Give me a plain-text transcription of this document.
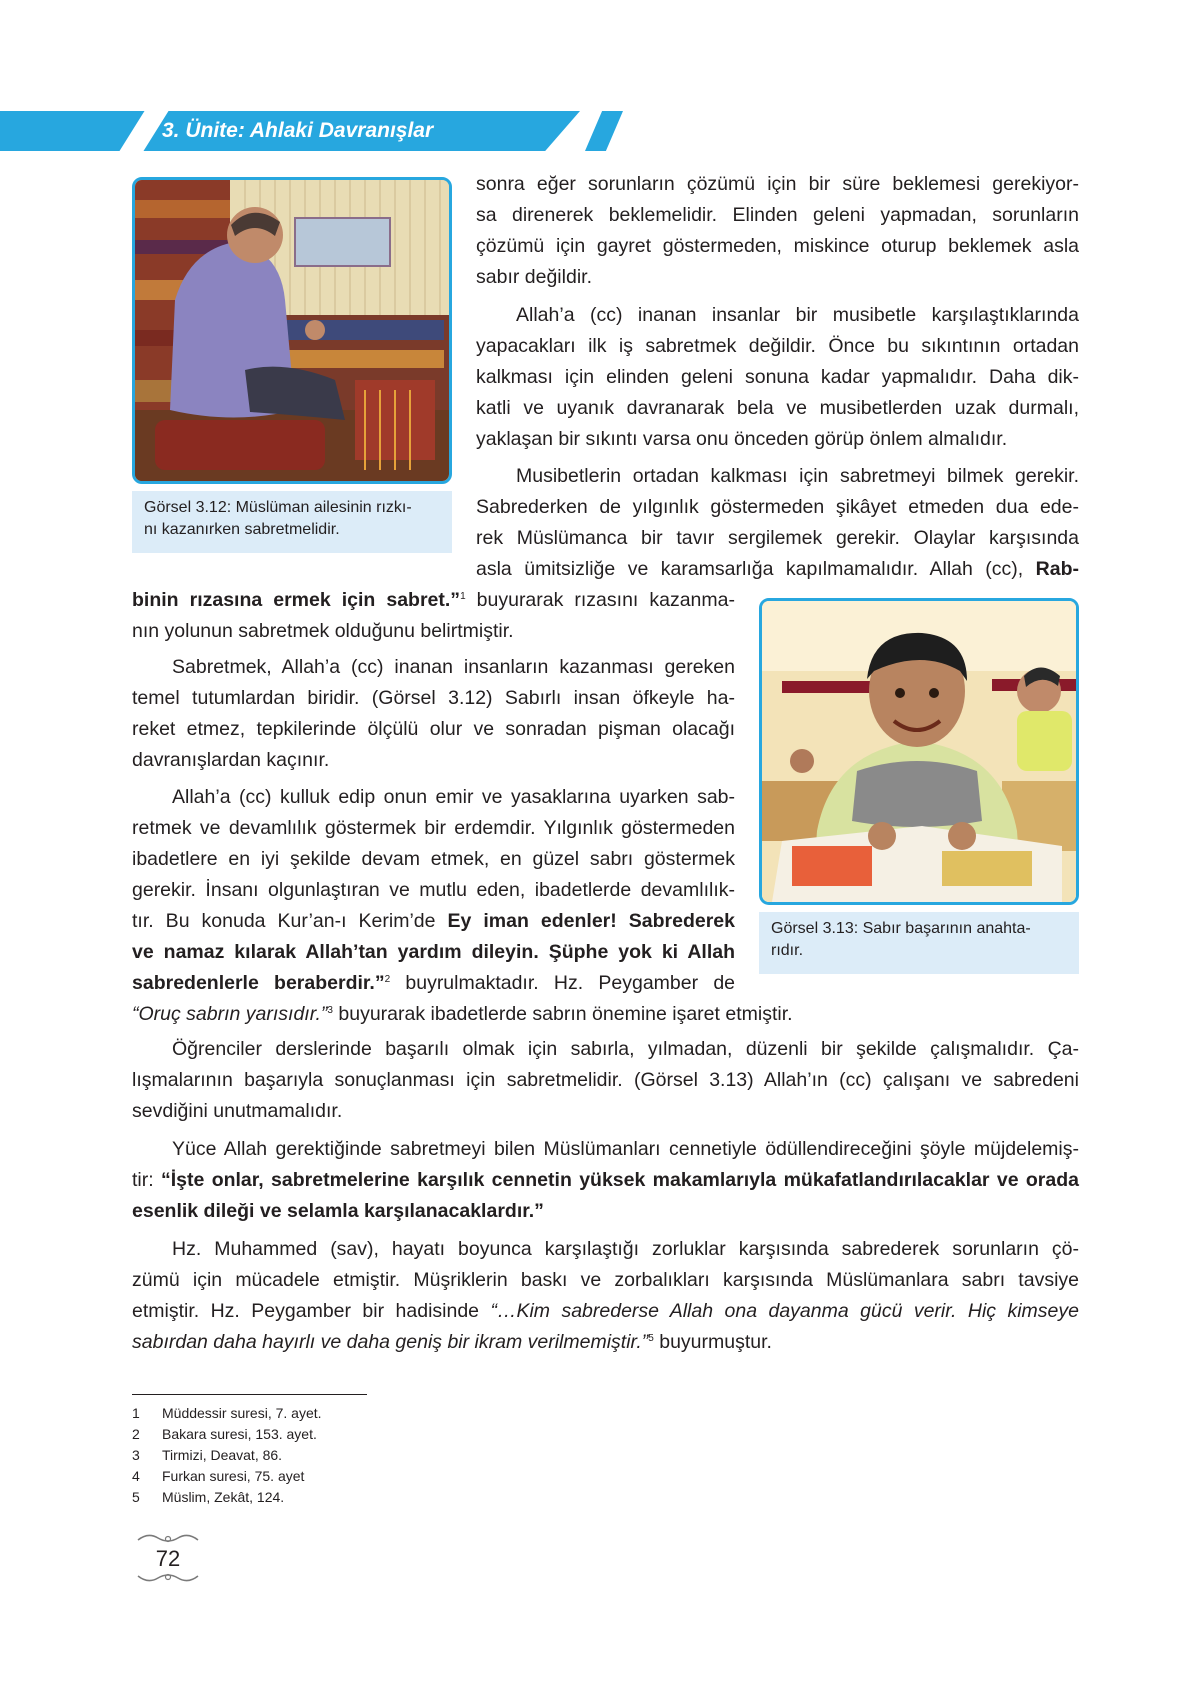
3. Ünite: Ahlaki Davranışlar
Görsel 3.12: Müslüman ailesinin rızkı-
nı kazanırken sabretmelidir.
Görsel 3.13: Sabır başarının anahta-
rıdır.
sonra eğer sorunların çözümü için bir süre beklemesi gerekiyor-
sa direnerek beklemelidir. Elinden geleni yapmadan, sorunların
çözümü için gayret göstermeden, miskince oturup beklemek asla
sabır değildir.
Allah’a (cc) inanan insanlar bir musibetle karşılaştıklarında
yapacakları ilk iş sabretmek değildir. Önce bu sıkıntının ortadan
kalkması için elinden geleni sonuna kadar yapmalıdır. Daha dik-
katli ve uyanık davranarak bela ve musibetlerden uzak durmalı,
yaklaşan bir sıkıntı varsa onu önceden görüp önlem almalıdır.
Musibetlerin ortadan kalkması için sabretmeyi bilmek gerekir.
Sabrederken de yılgınlık göstermeden şikâyet etmeden dua ede-
rek Müslümanca bir tavır sergilemek gerekir. Olaylar karşısında
asla ümitsizliğe ve karamsarlığa kapılmamalıdır. Allah (cc), Rab-
binin rızasına ermek için sabret.”$^1$ buyurarak rızasını kazanma-
nın yolunun sabretmek olduğunu belirtmiştir.
Sabretmek, Allah’a (cc) inanan insanların kazanması gereken
temel tutumlardan biridir. (Görsel 3.12) Sabırlı insan öfkeyle ha-
reket etmez, tepkilerinde ölçülü olur ve sonradan pişman olacağı
davranışlardan kaçınır.
Allah’a (cc) kulluk edip onun emir ve yasaklarına uyarken sab-
retmek ve devamlılık göstermek bir erdemdir. Yılgınlık göstermeden
ibadetlere en iyi şekilde devam etmek, en güzel sabrı göstermek
gerekir. İnsanı olgunlaştıran ve mutlu eden, ibadetlerde devamlılık-
tır. Bu konuda Kur’an-ı Kerim’de Ey iman edenler! Sabrederek
ve namaz kılarak Allah’tan yardım dileyin. Şüphe yok ki Allah
sabredenlerle beraberdir.”$^2$ buyrulmaktadır. Hz. Peygamber de
“Oruç sabrın yarısıdır.”$^3$ buyurarak ibadetlerde sabrın önemine işaret etmiştir.
Öğrenciler derslerinde başarılı olmak için sabırla, yılmadan, düzenli bir şekilde çalışmalıdır. Ça-
lışmalarının başarıyla sonuçlanması için sabretmelidir. (Görsel 3.13) Allah’ın (cc) çalışanı ve sabredeni
sevdiğini unutmamalıdır.
Yüce Allah gerektiğinde sabretmeyi bilen Müslümanları cennetiyle ödüllendireceğini şöyle müjdelemiş-
tir: “İşte onlar, sabretmelerine karşılık cennetin yüksek makamlarıyla mükafatlandırılacaklar ve orada
esenlik dileği ve selamla karşılanacaklardır.”
Hz. Muhammed (sav), hayatı boyunca karşılaştığı zorluklar karşısında sabrederek sorunların çö-
zümü için mücadele etmiştir. Müşriklerin baskı ve zorbalıkları karşısında Müslümanlara sabrı tavsiye
etmiştir. Hz. Peygamber bir hadisinde “…Kim sabrederse Allah ona dayanma gücü verir. Hiç kimseye
sabırdan daha hayırlı ve daha geniş bir ikram verilmemiştir.”$^5$ buyurmuştur.
1 Müddessir suresi, 7. ayet.
2 Bakara suresi, 153. ayet.
3 Tirmizi, Deavat, 86.
4 Furkan suresi, 75. ayet
5 Müslim, Zekât, 124.
72
